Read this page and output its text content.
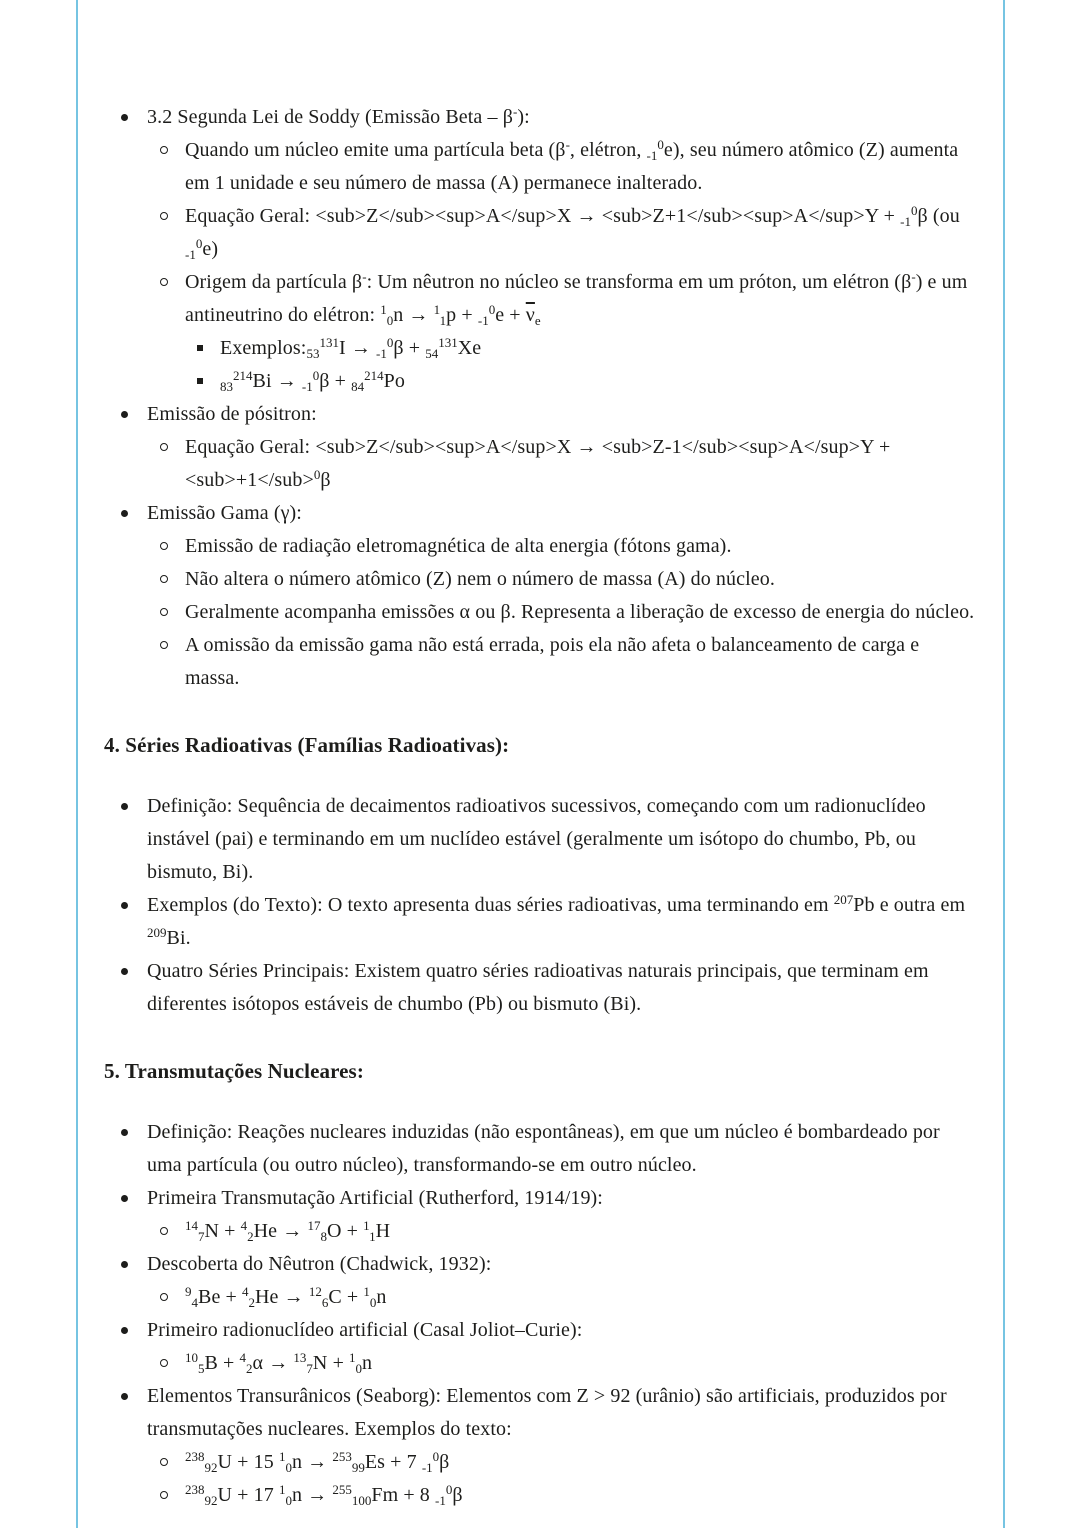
3.2 Segunda Lei de Soddy (Emissão Beta – β-):
Quando um núcleo emite uma partícula beta (β-, elétron, $_{-1}^0$e), seu número atômico (Z) aumenta em 1 unidade e seu número de massa (A) permanece inalterado.
Equação Geral: <sub>Z</sub><sup>A</sup>X → <sub>Z+1</sub><sup>A</sup>Y + $_{-1}^0$β (ou $_{-1}^0$e)
Origem da partícula β-: Um nêutron no núcleo se transforma em um próton, um elétron (β-) e um antineutrino do elétron: $^1_0n \to ^1_1p + _{-1}^0e + \overline{\nu}_e$
$Exemplos:_{53}^{131}I \to _{-1}^0\beta + _{54}^{131}Xe$
$_{83}^{214}$Bi → $_{-1}^0$β + $_{84}^{214}$Po
Emissão de pósitron:
Equação Geral: <sub>Z</sub><sup>A</sup>X → <sub>Z-1</sub><sup>A</sup>Y + <sub>+1</sub>$^0$β
Emissão Gama (γ):
Emissão de radiação eletromagnética de alta energia (fótons gama).
Não altera o número atômico (Z) nem o número de massa (A) do núcleo.
Geralmente acompanha emissões α ou β. Representa a liberação de excesso de energia do núcleo.
A omissão da emissão gama não está errada, pois ela não afeta o balanceamento de carga e massa.
4. Séries Radioativas (Famílias Radioativas):
Definição: Sequência de decaimentos radioativos sucessivos, começando com um radionuclídeo instável (pai) e terminando em um nuclídeo estável (geralmente um isótopo do chumbo, Pb, ou bismuto, Bi).
Exemplos (do Texto): O texto apresenta duas séries radioativas, uma terminando em $^{207}$Pb e outra em $^{209}$Bi.
Quatro Séries Principais: Existem quatro séries radioativas naturais principais, que terminam em diferentes isótopos estáveis de chumbo (Pb) ou bismuto (Bi).
5. Transmutações Nucleares:
Definição: Reações nucleares induzidas (não espontâneas), em que um núcleo é bombardeado por uma partícula (ou outro núcleo), transformando-se em outro núcleo.
Primeira Transmutação Artificial (Rutherford, 1914/19):
$^{14}_7$N + $^4_2$He → $^{17}_8$O + $^1_1$H
Descoberta do Nêutron (Chadwick, 1932):
$^9_4$Be + $^4_2$He → $^{12}_6$C + $^1_0$n
Primeiro radionuclídeo artificial (Casal Joliot–Curie):
$^{10}_5$B + $^4_2$α → $^{13}_7$N + $^1_0$n
Elementos Transurânicos (Seaborg): Elementos com Z > 92 (urânio) são artificiais, produzidos por transmutações nucleares. Exemplos do texto:
$^{238}_{92}$U + 15 $^1_0$n → $^{253}_{99}$Es + 7 $_{-1}^0$β
$^{238}_{92}$U + 17 $^1_0$n → $^{255}_{100}$Fm + 8 $_{-1}^0$β
